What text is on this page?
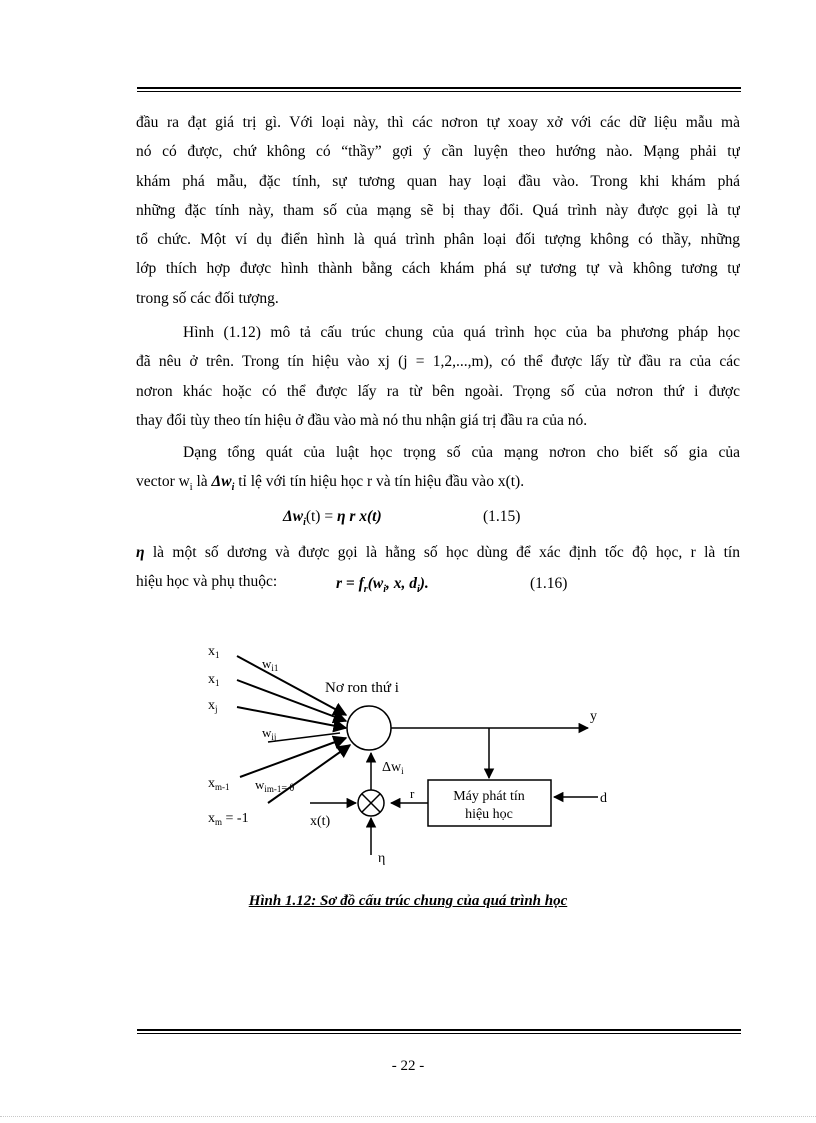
đầu ra đạt giá trị gì. Với loại này, thì các nơron tự xoay xở với các dữ liệu mẫu mà
nó có được, chứ không có “thầy” gợi ý cần luyện theo hướng nào. Mạng phải tự
khám phá mẫu, đặc tính, sự tương quan hay loại đầu vào. Trong khi khám phá
những đặc tính này, tham số của mạng sẽ bị thay đổi. Quá trình này được gọi là tự
tổ chức. Một ví dụ điển hình là quá trình phân loại đối tượng không có thầy, những
lớp thích hợp được hình thành bằng cách khám phá sự tương tự và không tương tự
trong số các đối tượng.
Hình (1.12) mô tả cấu trúc chung của quá trình học của ba phương pháp học
đã nêu ở trên. Trong tín hiệu vào xj (j = 1,2,...,m), có thể được lấy từ đầu ra của các
nơron khác hoặc có thể được lấy ra từ bên ngoài. Trọng số của nơron thứ i được
thay đổi tùy theo tín hiệu ở đầu vào mà nó thu nhận giá trị đầu ra của nó.
Dạng tổng quát của luật học trọng số của mạng nơron cho biết số gia của
vector $w_i$ là $\Delta w_i$ tỉ lệ với tín hiệu học r và tín hiệu đầu vào x(t).
$\Delta w_i(t) = \eta$ r x(t)	(1.15)
η là một số dương và được gọi là hằng số học dùng để xác định tốc độ học, r là tín
hiệu học và phụ thuộc:	$r = f_r(w_i$, x, $d_i$).	(1.16)
Máy phát tín
hiệu học
d
r
$x_1$
$x_1$
$x_j$
$x_{m-1}$
$x_m = -1$
$w_{i1}$
$w_{ij}$
$w_{im-1}= \theta$
Nơ ron thứ i
y
$\Delta w_i$
x(t)
η
Hình 1.12: Sơ đồ cấu trúc chung của quá trình học
- 22 -
